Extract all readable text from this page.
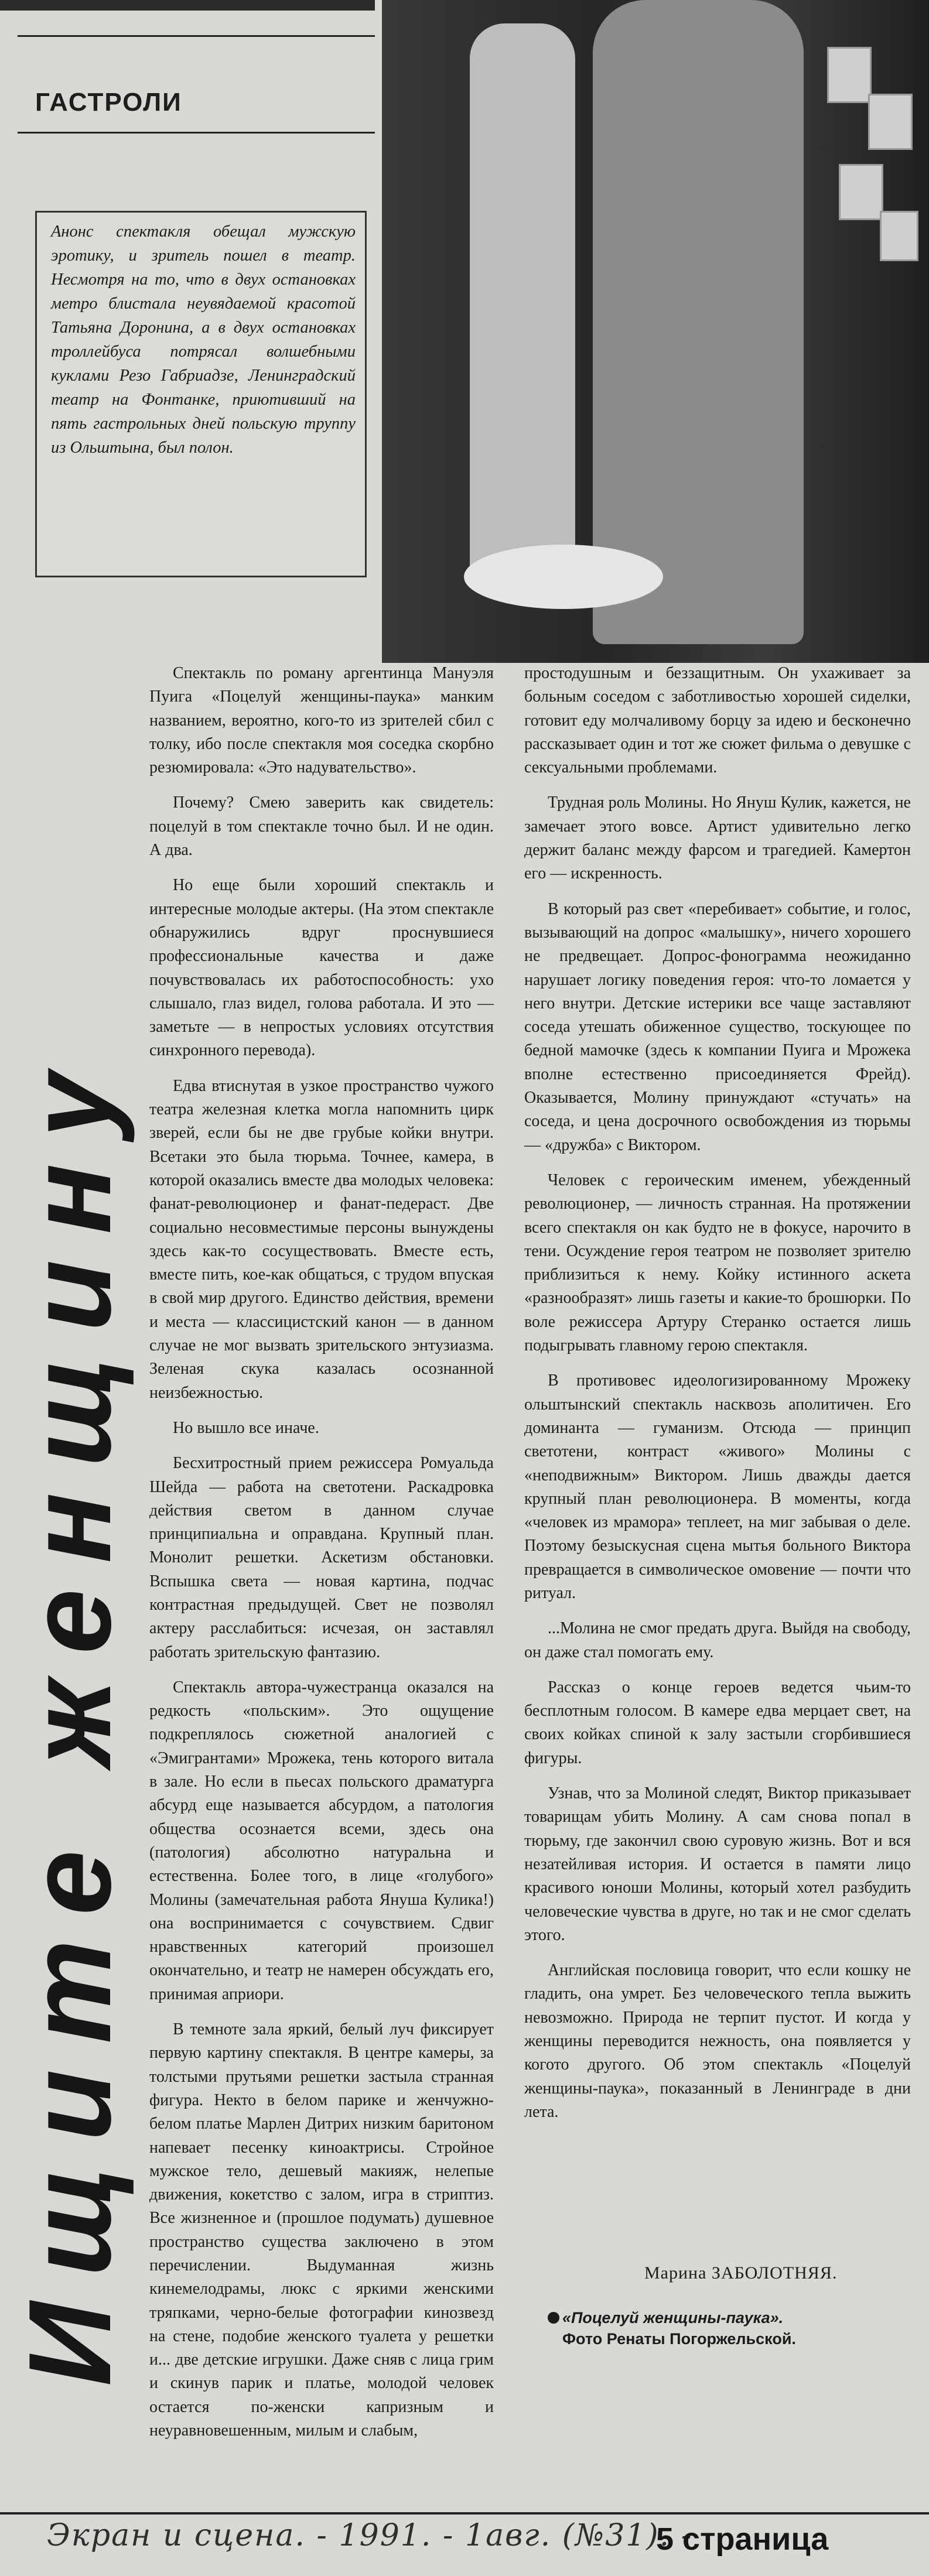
ГАСТРОЛИ

Анонс спектакля обещал мужскую эротику, и зритель пошел в театр. Несмотря на то, что в двух остановках метро блистала неувядаемой красотой Татьяна Доронина, а в двух остановках троллейбуса потрясал волшебными куклами Резо Габриадзе, Ленинградский театр на Фонтанке, приютивший на пять гастрольных дней польскую труппу из Ольштына, был полон.

Ищите женщину

Спектакль по роману аргентинца Мануэля Пуига «Поцелуй женщины-паука» манким названием, вероятно, кого-то из зрителей сбил с толку, ибо после спектакля моя соседка скорбно резюмировала: «Это надувательство».

Почему? Смею заверить как свидетель: поцелуй в том спектакле точно был. И не один. А два.

Но еще были хороший спектакль и интересные молодые актеры. (На этом спектакле обнаружились вдруг проснувшиеся профессиональные качества и даже почувствовалась их работоспособность: ухо слышало, глаз видел, голова работала. И это — заметьте — в непростых условиях отсутствия синхронного перевода).

Едва втиснутая в узкое пространство чужого театра железная клетка могла напомнить цирк зверей, если бы не две грубые койки внутри. Всетаки это была тюрьма. Точнее, камера, в которой оказались вместе два молодых человека: фанат-революционер и фанат-педераст. Две социально несовместимые персоны вынуждены здесь как-то сосуществовать. Вместе есть, вместе пить, кое-как общаться, с трудом впуская в свой мир другого. Единство действия, времени и места — классицистский канон — в данном случае не мог вызвать зрительского энтузиазма. Зеленая скука казалась осознанной неизбежностью.

Но вышло все иначе.

Бесхитростный прием режиссера Ромуальда Шейда — работа на светотени. Раскадровка действия светом в данном случае принципиальна и оправдана. Крупный план. Монолит решетки. Аскетизм обстановки. Вспышка света — новая картина, подчас контрастная предыдущей. Свет не позволял актеру расслабиться: исчезая, он заставлял работать зрительскую фантазию.

Спектакль автора-чужестранца оказался на редкость «польским». Это ощущение подкреплялось сюжетной аналогией с «Эмигрантами» Мрожека, тень которого витала в зале. Но если в пьесах польского драматурга абсурд еще называется абсурдом, а патология общества осознается всеми, здесь она (патология) абсолютно натуральна и естественна. Более того, в лице «голубого» Молины (замечательная работа Януша Кулика!) она воспринимается с сочувствием. Сдвиг нравственных категорий произошел окончательно, и театр не намерен обсуждать его, принимая априори.

В темноте зала яркий, белый луч фиксирует первую картину спектакля. В центре камеры, за толстыми прутьями решетки застыла странная фигура. Некто в белом парике и женчужно-белом платье Марлен Дитрих низким баритоном напевает песенку киноактрисы. Стройное мужское тело, дешевый макияж, нелепые движения, кокетство с залом, игра в стриптиз. Все жизненное и (прошлое подумать) душевное пространство существа заключено в этом перечислении. Выдуманная жизнь кинемелодрамы, люкс с яркими женскими тряпками, черно-белые фотографии кинозвезд на стене, подобие женского туалета у решетки и... две детские игрушки. Даже сняв с лица грим и скинув парик и платье, молодой человек остается по-женски капризным и неуравновешенным, милым и слабым,

простодушным и беззащитным. Он ухаживает за больным соседом с заботливостью хорошей сиделки, готовит еду молчаливому борцу за идею и бесконечно рассказывает один и тот же сюжет фильма о девушке с сексуальными проблемами.

Трудная роль Молины. Но Януш Кулик, кажется, не замечает этого вовсе. Артист удивительно легко держит баланс между фарсом и трагедией. Камертон его — искренность.

В который раз свет «перебивает» событие, и голос, вызывающий на допрос «малышку», ничего хорошего не предвещает. Допрос-фонограмма неожиданно нарушает логику поведения героя: что-то ломается у него внутри. Детские истерики все чаще заставляют соседа утешать обиженное существо, тоскующее по бедной мамочке (здесь к компании Пуига и Мрожека вполне естественно присоединяется Фрейд). Оказывается, Молину принуждают «стучать» на соседа, и цена досрочного освобождения из тюрьмы — «дружба» с Виктором.

Человек с героическим именем, убежденный революционер, — личность странная. На протяжении всего спектакля он как будто не в фокусе, нарочито в тени. Осуждение героя театром не позволяет зрителю приблизиться к нему. Койку истинного аскета «разнообразят» лишь газеты и какие-то брошюрки. По воле режиссера Артуру Стеранко остается лишь подыгрывать главному герою спектакля.

В противовес идеологизированному Мрожеку ольштынский спектакль насквозь аполитичен. Его доминанта — гуманизм. Отсюда — принцип светотени, контраст «живого» Молины с «неподвижным» Виктором. Лишь дважды дается крупный план революционера. В моменты, когда «человек из мрамора» теплеет, на миг забывая о деле. Поэтому безыскусная сцена мытья больного Виктора превращается в символическое омовение — почти что ритуал.

...Молина не смог предать друга. Выйдя на свободу, он даже стал помогать ему.

Рассказ о конце героев ведется чьим-то бесплотным голосом. В камере едва мерцает свет, на своих койках спиной к залу застыли сгорбившиеся фигуры.

Узнав, что за Молиной следят, Виктор приказывает товарищам убить Молину. А сам снова попал в тюрьму, где закончил свою суровую жизнь. Вот и вся незатейливая история. И остается в памяти лицо красивого юноши Молины, который хотел разбудить человеческие чувства в друге, но так и не смог сделать этого.

Английская пословица говорит, что если кошку не гладить, она умрет. Без человеческого тепла выжить невозможно. Природа не терпит пустот. И когда у женщины переводится нежность, она появляется у когото другого. Об этом спектакль «Поцелуй женщины-паука», показанный в Ленинграде в дни лета.

Марина ЗАБОЛОТНЯЯ.
«Поцелуй женщины-паука».
Фото Ренаты Погоржельской.
Экран и сцена. - 1991. - 1авг. (№31). -
5 страница
